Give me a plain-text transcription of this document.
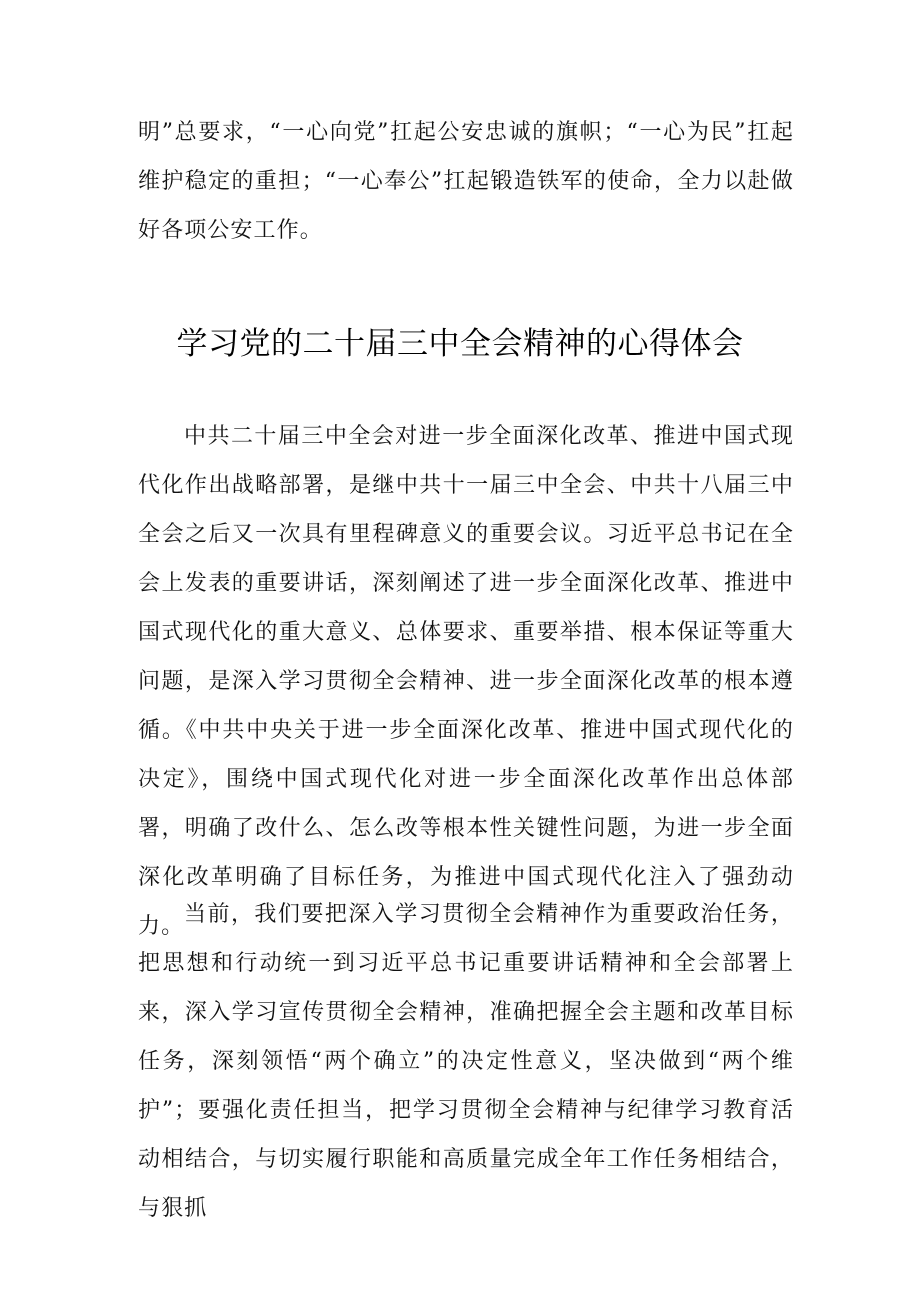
明”总要求，“一心向党”扛起公安忠诚的旗帜；“一心为民”扛起维护稳定的重担；“一心奉公”扛起锻造铁军的使命，全力以赴做好各项公安工作。

学习党的二十届三中全会精神的心得体会

中共二十届三中全会对进一步全面深化改革、推进中国式现代化作出战略部署，是继中共十一届三中全会、中共十八届三中全会之后又一次具有里程碑意义的重要会议。习近平总书记在全会上发表的重要讲话，深刻阐述了进一步全面深化改革、推进中国式现代化的重大意义、总体要求、重要举措、根本保证等重大问题，是深入学习贯彻全会精神、进一步全面深化改革的根本遵循。《中共中央关于进一步全面深化改革、推进中国式现代化的决定》，围绕中国式现代化对进一步全面深化改革作出总体部署，明确了改什么、怎么改等根本性关键性问题，为进一步全面深化改革明确了目标任务，为推进中国式现代化注入了强劲动力。 当前，我们要把深入学习贯彻全会精神作为重要政治任务，把思想和行动统一到习近平总书记重要讲话精神和全会部署上来，深入学习宣传贯彻全会精神，准确把握全会主题和改革目标任务，深刻领悟“两个确立”的决定性意义，坚决做到“两个维护”；要强化责任担当，把学习贯彻全会精神与纪律学习教育活动相结合，与切实履行职能和高质量完成全年工作任务相结合，与狠抓
